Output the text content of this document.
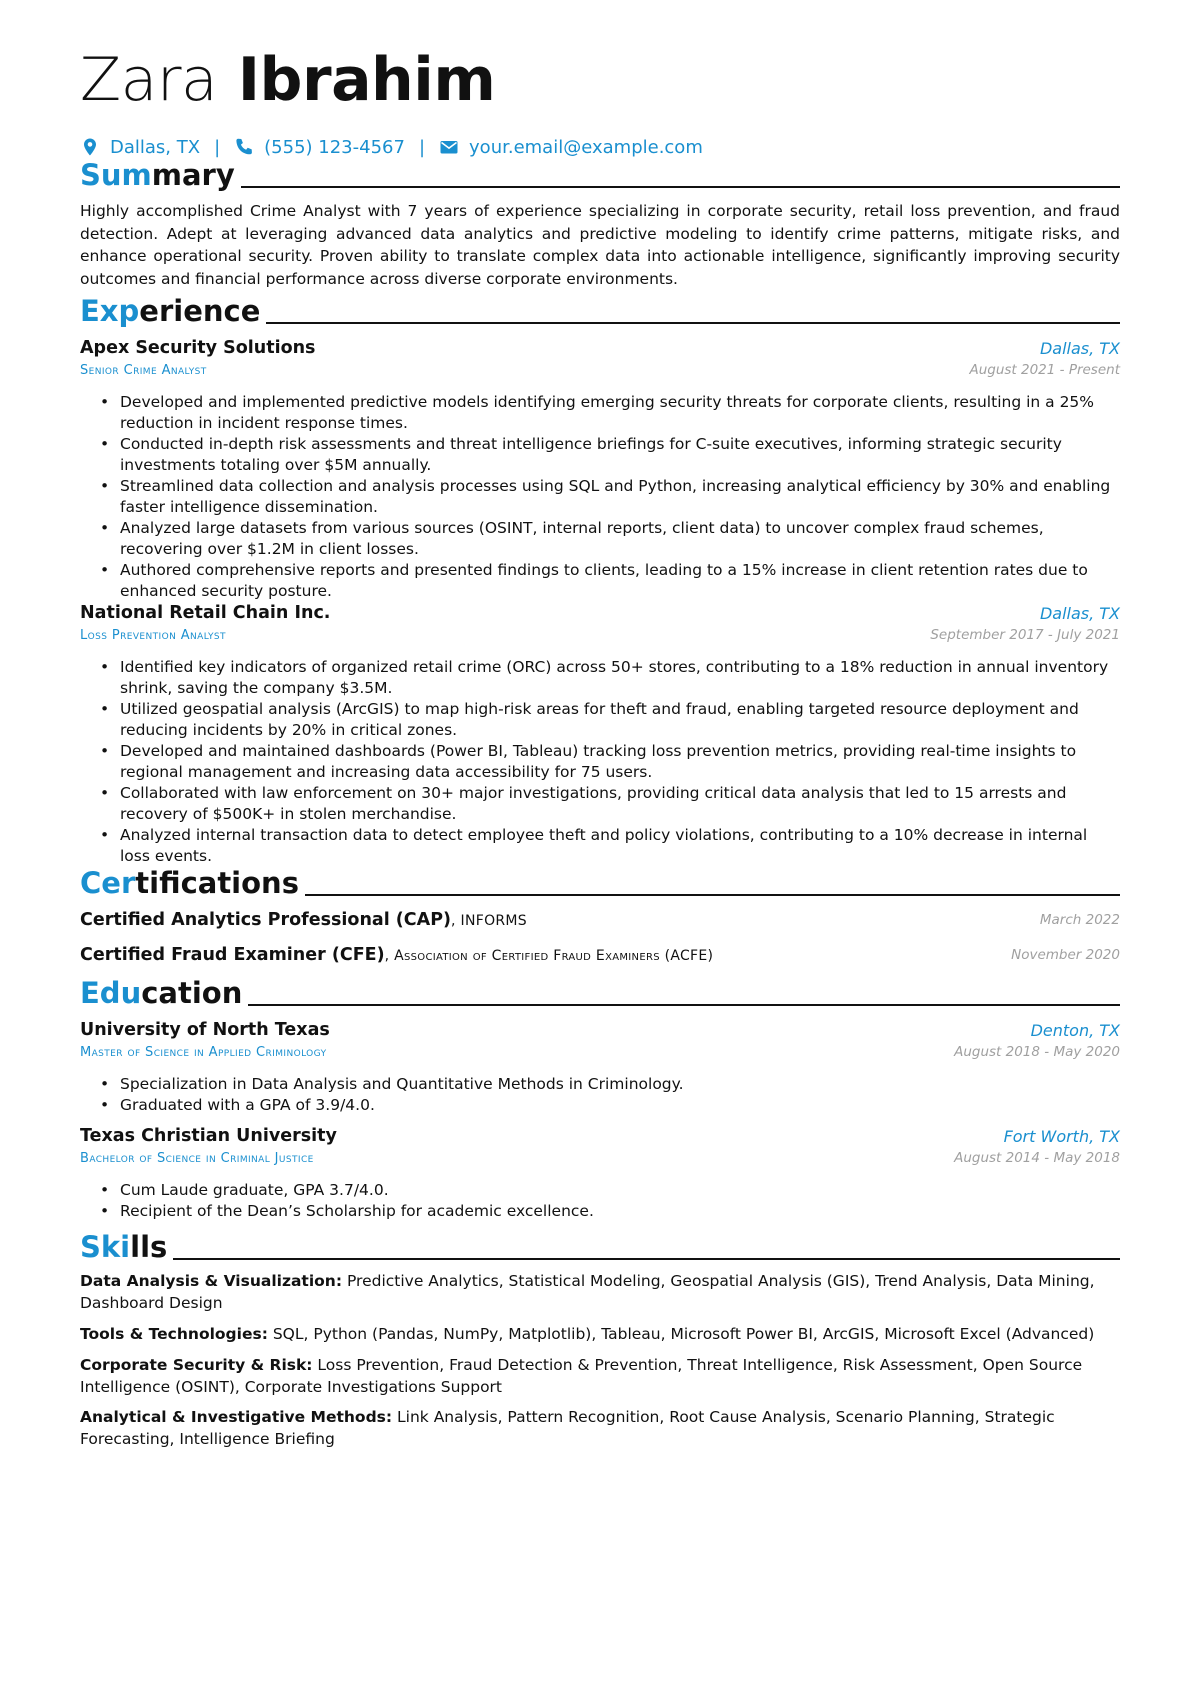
Zara Ibrahim
Dallas, TX | (555) 123-4567 | your.email@example.com
Summary

Highly accomplished Crime Analyst with 7 years of experience specializing in corporate security, retail loss prevention, and fraud detection. Adept at leveraging advanced data analytics and predictive modeling to identify crime patterns, mitigate risks, and enhance operational security. Proven ability to translate complex data into actionable intelligence, significantly improving security outcomes and financial performance across diverse corporate environments.

Experience
Apex Security Solutions	Dallas, TX
Senior Crime Analyst	August 2021 - Present
• Developed and implemented predictive models identifying emerging security threats for corporate clients, resulting in a 25% reduction in incident response times.
• Conducted in-depth risk assessments and threat intelligence briefings for C-suite executives, informing strategic security investments totaling over $5M annually.
• Streamlined data collection and analysis processes using SQL and Python, increasing analytical efficiency by 30% and enabling faster intelligence dissemination.
• Analyzed large datasets from various sources (OSINT, internal reports, client data) to uncover complex fraud schemes, recovering over $1.2M in client losses.
• Authored comprehensive reports and presented findings to clients, leading to a 15% increase in client retention rates due to enhanced security posture.
National Retail Chain Inc.	Dallas, TX
Loss Prevention Analyst	September 2017 - July 2021
• Identified key indicators of organized retail crime (ORC) across 50+ stores, contributing to a 18% reduction in annual inventory shrink, saving the company $3.5M.
• Utilized geospatial analysis (ArcGIS) to map high-risk areas for theft and fraud, enabling targeted resource deployment and reducing incidents by 20% in critical zones.
• Developed and maintained dashboards (Power BI, Tableau) tracking loss prevention metrics, providing real-time insights to regional management and increasing data accessibility for 75 users.
• Collaborated with law enforcement on 30+ major investigations, providing critical data analysis that led to 15 arrests and recovery of $500K+ in stolen merchandise.
• Analyzed internal transaction data to detect employee theft and policy violations, contributing to a 10% decrease in internal loss events.
Certifications
Certified Analytics Professional (CAP), INFORMS	March 2022
Certified Fraud Examiner (CFE), Association of Certified Fraud Examiners (ACFE)	November 2020
Education
University of North Texas	Denton, TX
Master of Science in Applied Criminology	August 2018 - May 2020
• Specialization in Data Analysis and Quantitative Methods in Criminology.
• Graduated with a GPA of 3.9/4.0.
Texas Christian University	Fort Worth, TX
Bachelor of Science in Criminal Justice	August 2014 - May 2018
• Cum Laude graduate, GPA 3.7/4.0.
• Recipient of the Dean’s Scholarship for academic excellence.
Skills

Data Analysis & Visualization: Predictive Analytics, Statistical Modeling, Geospatial Analysis (GIS), Trend Analysis, Data Mining, Dashboard Design

Tools & Technologies: SQL, Python (Pandas, NumPy, Matplotlib), Tableau, Microsoft Power BI, ArcGIS, Microsoft Excel (Advanced)

Corporate Security & Risk: Loss Prevention, Fraud Detection & Prevention, Threat Intelligence, Risk Assessment, Open Source Intelligence (OSINT), Corporate Investigations Support

Analytical & Investigative Methods: Link Analysis, Pattern Recognition, Root Cause Analysis, Scenario Planning, Strategic Forecasting, Intelligence Briefing
